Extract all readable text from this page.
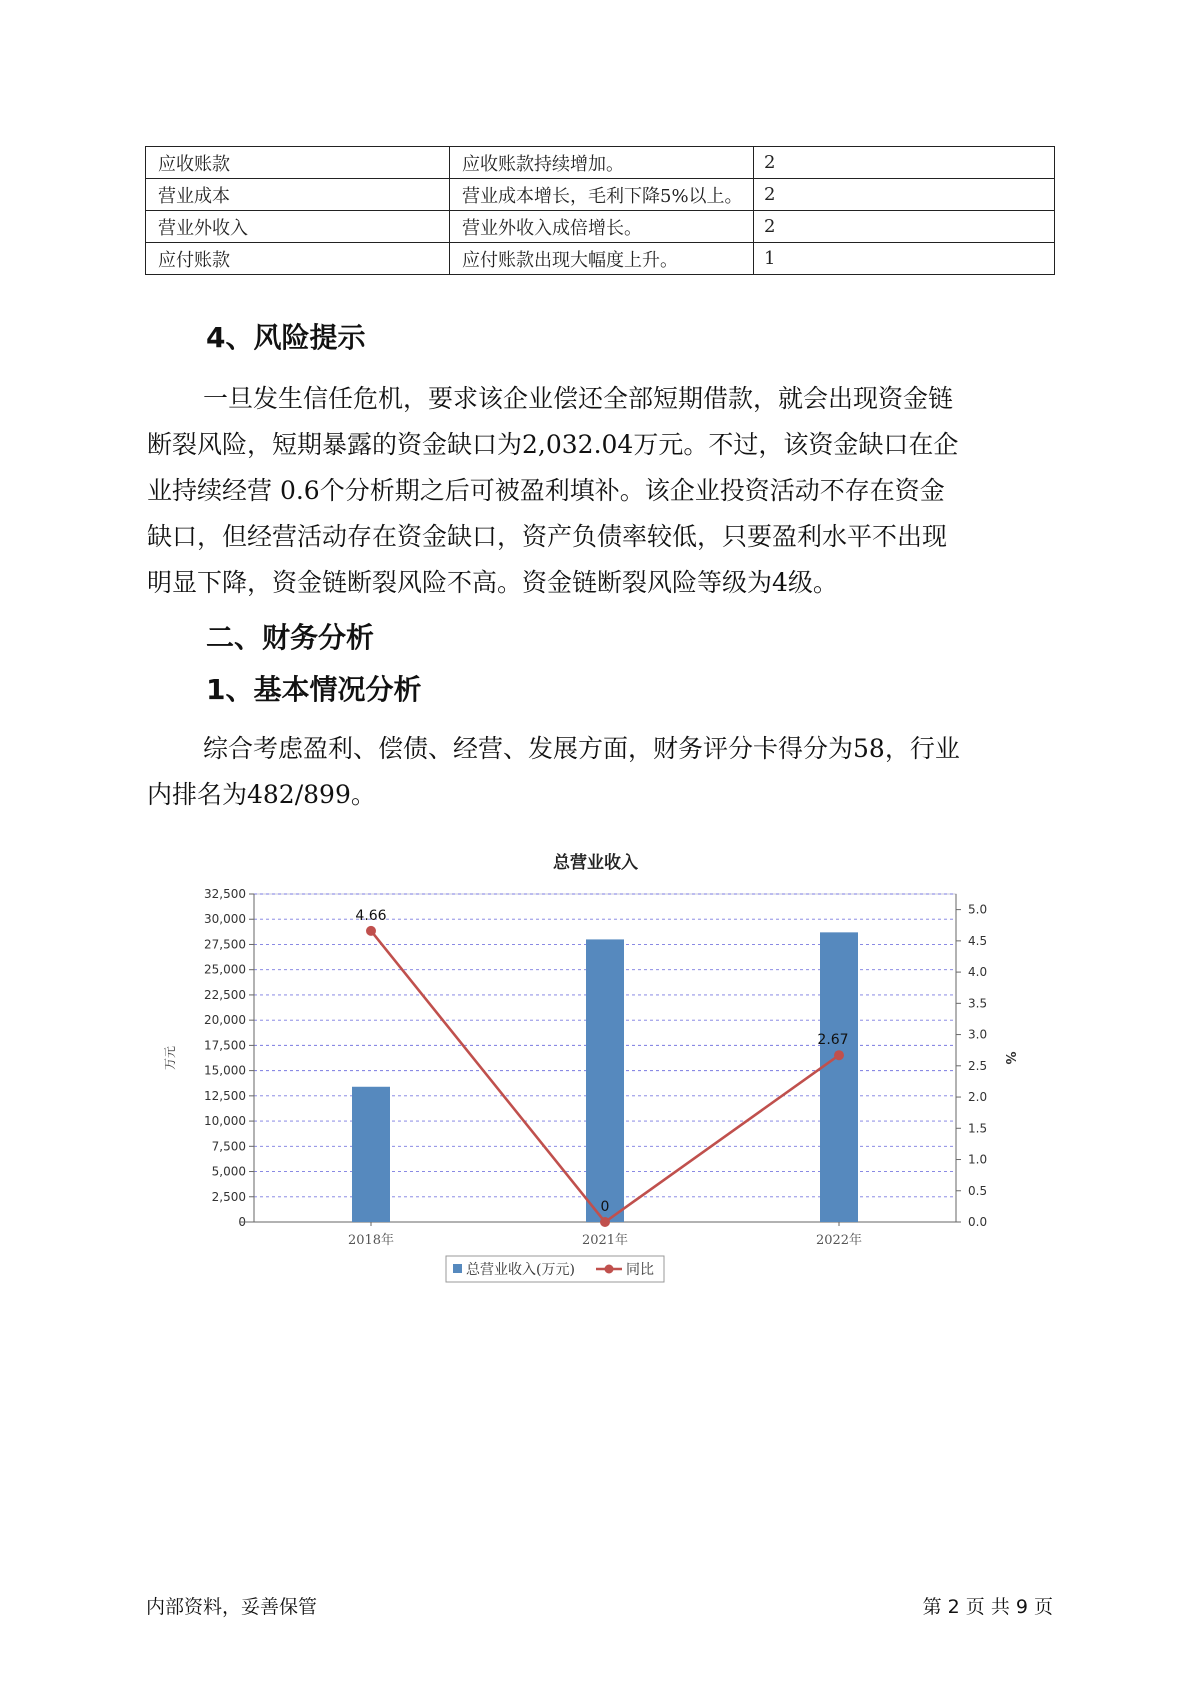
应收账款	应收账款持续增加。	2
营业成本	营业成本增长，毛利下降5%以上。	2
营业外收入	营业外收入成倍增长。	2
应付账款	应付账款出现大幅度上升。	1
4、风险提示
一旦发生信任危机，要求该企业偿还全部短期借款，就会出现资金链
断裂风险，短期暴露的资金缺口为2,032.04万元。不过，该资金缺口在企
业持续经营 0.6个分析期之后可被盈利填补。该企业投资活动不存在资金
缺口，但经营活动存在资金缺口，资产负债率较低，只要盈利水平不出现
明显下降，资金链断裂风险不高。资金链断裂风险等级为4级。
二、财务分析
1、基本情况分析
综合考虑盈利、偿债、经营、发展方面，财务评分卡得分为58，行业
内排名为482/899。
总营业收入
0
2,500
5,000
7,500
10,000
12,500
15,000
17,500
20,000
22,500
25,000
27,500
30,000
32,500
0.0
0.5
1.0
1.5
2.0
2.5
3.0
3.5
4.0
4.5
5.0
万元	%
2018年	2021年	2022年
4.66
0
2.67
总营业收入(万元)	同比
内部资料，妥善保管	第 2 页 共 9 页
